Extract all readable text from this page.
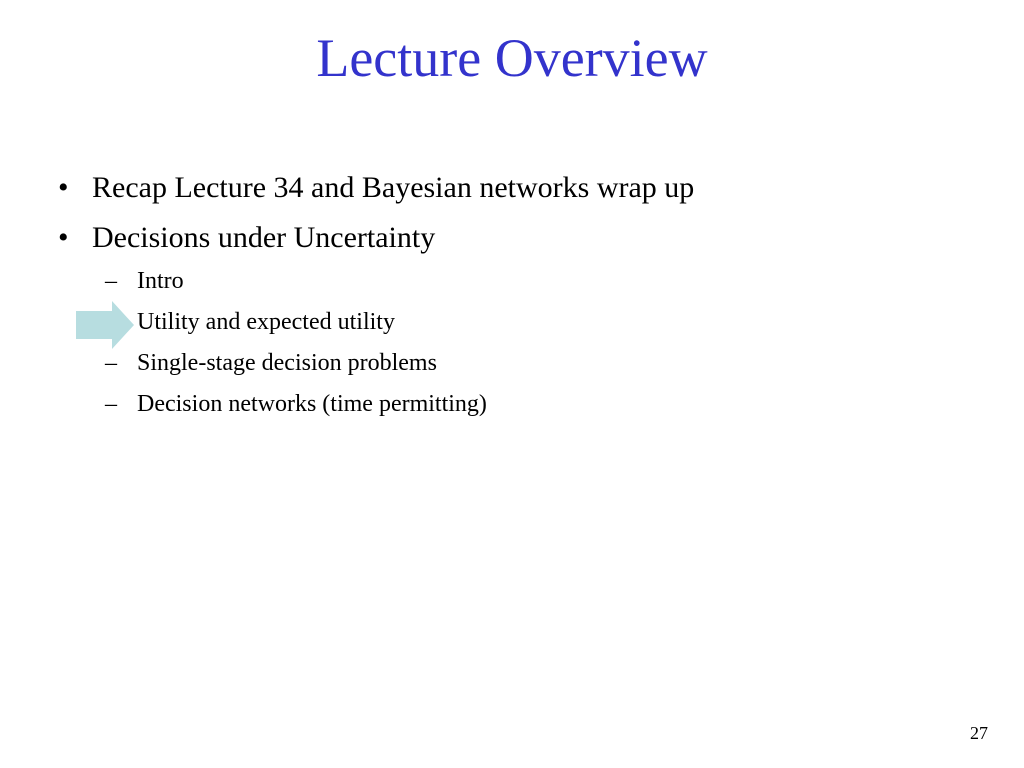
Lecture Overview
• Recap Lecture 34 and Bayesian networks wrap up
• Decisions under Uncertainty
– Intro
Utility and expected utility
– Single-stage decision problems
– Decision networks (time permitting)
27
